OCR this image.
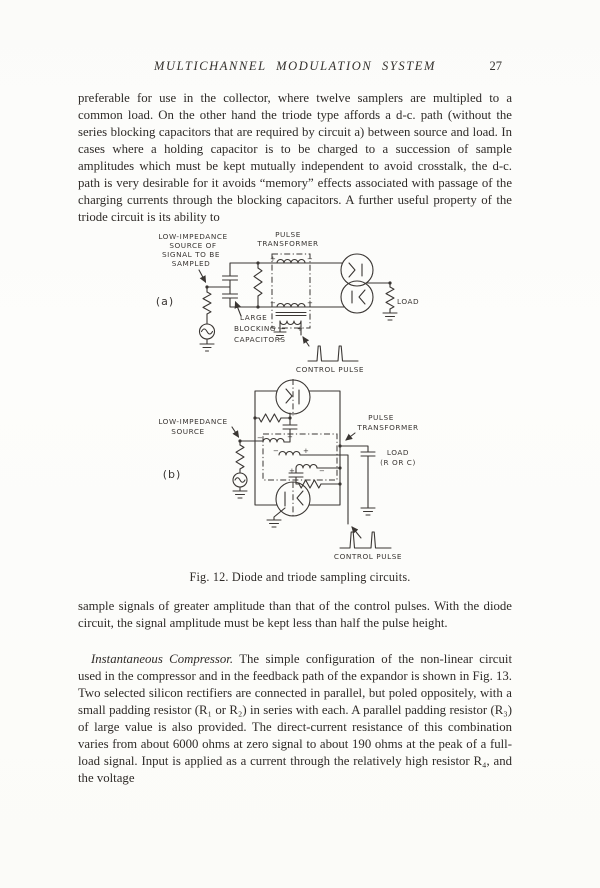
MULTICHANNEL MODULATION SYSTEM	27

preferable for use in the collector, where twelve samplers are multipled to a common load. On the other hand the triode type affords a d-c. path (without the series blocking capacitors that are required by circuit a) between source and load. In cases where a holding capacitor is to be charged to a succession of sample amplitudes which must be kept mutually independent to avoid crosstalk, the d-c. path is very desirable for it avoids “memory” effects associated with passage of the charging currents through the blocking capacitors. A further useful property of the triode circuit is its ability to

LOW-IMPEDANCE
SOURCE OF
SIGNAL TO BE
SAMPLED
PULSE
TRANSFORMER
(a)
+	−
−	+
− +
LARGE
BLOCKING
CAPACITORS
LOAD
CONTROL PULSE
LOW-IMPEDANCE
SOURCE
(b)
−	+
−	+
+	−
PULSE
TRANSFORMER
LOAD
(R OR C)
CONTROL PULSE
Fig. 12. Diode and triode sampling circuits.

sample signals of greater amplitude than that of the control pulses. With the diode circuit, the signal amplitude must be kept less than half the pulse height.

Instantaneous Compressor. The simple configuration of the non-linear circuit used in the compressor and in the feedback path of the expandor is shown in Fig. 13. Two selected silicon rectifiers are connected in parallel, but poled oppositely, with a small padding resistor (R₁ or R₂) in series with each. A parallel padding resistor (R₃) of large value is also provided. The direct-current resistance of this combination varies from about 6000 ohms at zero signal to about 190 ohms at the peak of a full-load signal. Input is applied as a current through the relatively high resistor R₄, and the voltage
